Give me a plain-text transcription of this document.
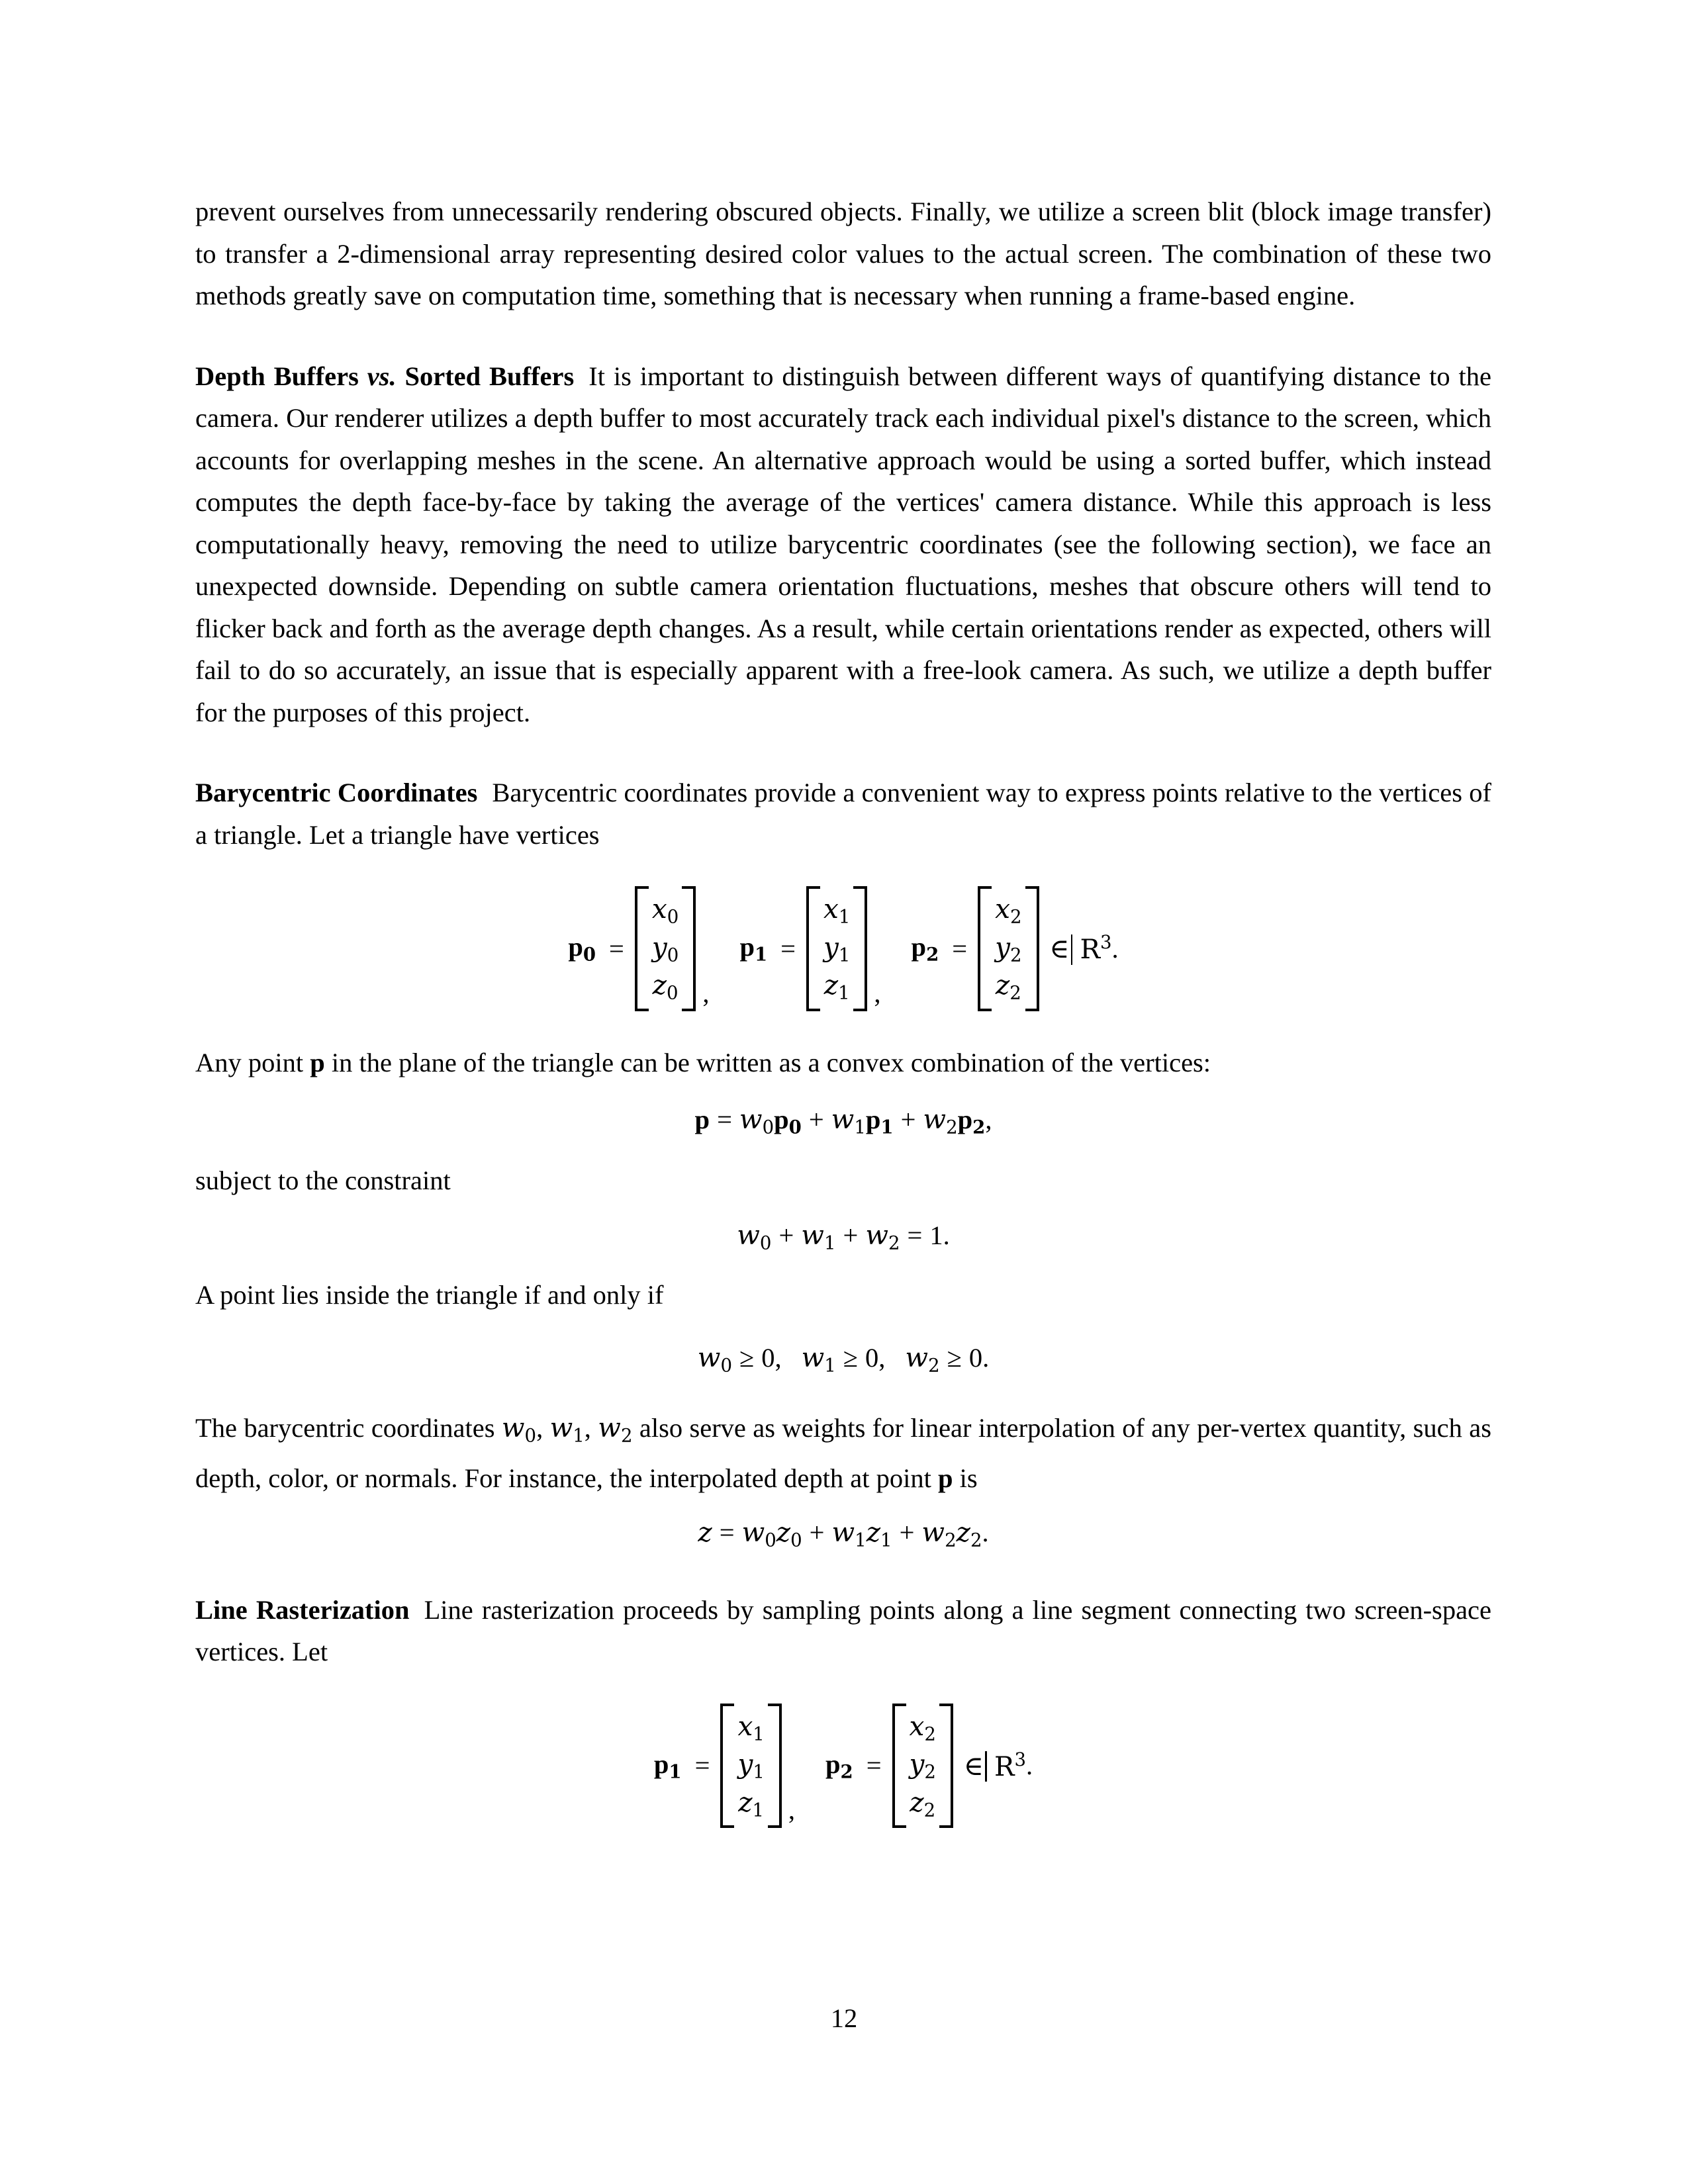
prevent ourselves from unnecessarily rendering obscured objects. Finally, we utilize a screen blit (block image transfer) to transfer a 2-dimensional array representing desired color values to the actual screen. The combination of these two methods greatly save on computation time, something that is necessary when running a frame-based engine.

Depth Buffers vs. Sorted Buffers It is important to distinguish between different ways of quantifying distance to the camera. Our renderer utilizes a depth buffer to most accurately track each individual pixel's distance to the screen, which accounts for overlapping meshes in the scene. An alternative approach would be using a sorted buffer, which instead computes the depth face-by-face by taking the average of the vertices' camera distance. While this approach is less computationally heavy, removing the need to utilize barycentric coordinates (see the following section), we face an unexpected downside. Depending on subtle camera orientation fluctuations, meshes that obscure others will tend to flicker back and forth as the average depth changes. As a result, while certain orientations render as expected, others will fail to do so accurately, an issue that is especially apparent with a free-look camera. As such, we utilize a depth buffer for the purposes of this project.

Barycentric Coordinates Barycentric coordinates provide a convenient way to express points relative to the vertices of a triangle. Let a triangle have vertices

$p_0$ =
$x_0$
$y_0$
$z_0$ ,
$p_1$ =
$x_1$
$y_1$
$z_1$ ,
$p_2$ =
$x_2$
$y_2$
$z_2$
∈ $R^3$ .

Any point p in the plane of the triangle can be written as a convex combination of the vertices:

$p = w_0p_0 + w_1p_1 + w_2p_2$,

subject to the constraint

$w_0 + w_1 + w_2 = 1$.

A point lies inside the triangle if and only if

$w_0 \ge 0$, $w_1 \ge 0$, $w_2 \ge 0$.

The barycentric coordinates $w_0$, $w_1$, $w_2$ also serve as weights for linear interpolation of any per-vertex quantity, such as depth, color, or normals. For instance, the interpolated depth at point p is

$z = w_0z_0 + w_1z_1 + w_2z_2$.

Line Rasterization Line rasterization proceeds by sampling points along a line segment connecting two screen-space vertices. Let

$p_1$ =
$x_1$
$y_1$
$z_1$ ,
$p_2$ =
$x_2$
$y_2$
$z_2$
∈ $R^3$ .
12
